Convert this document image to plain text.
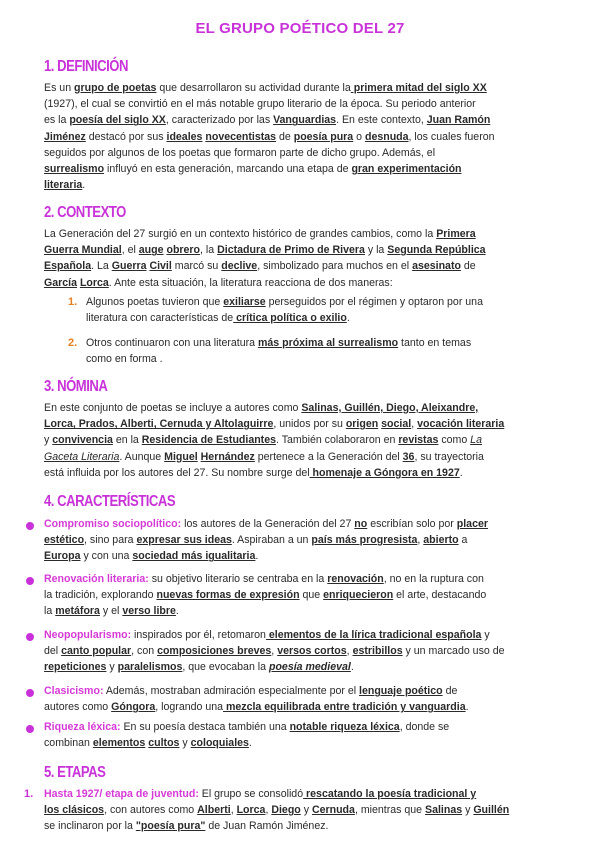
EL GRUPO POÉTICO DEL 27
1. DEFINICIÓN
Es un grupo de poetas que desarrollaron su actividad durante la primera mitad del siglo XX
(1927), el cual se convirtió en el más notable grupo literario de la época. Su periodo anterior
es la poesía del siglo XX, caracterizado por las Vanguardias. En este contexto, Juan Ramón
Jiménez destacó por sus ideales novecentistas de poesía pura o desnuda, los cuales fueron
seguidos por algunos de los poetas que formaron parte de dicho grupo. Además, el
surrealismo influyó en esta generación, marcando una etapa de gran experimentación
literaria.
2. CONTEXTO
La Generación del 27 surgió en un contexto histórico de grandes cambios, como la Primera
Guerra Mundial, el auge obrero, la Dictadura de Primo de Rivera y la Segunda República
Española. La Guerra Civil marcó su declive, simbolizado para muchos en el asesinato de
García Lorca. Ante esta situación, la literatura reacciona de dos maneras:
1. Algunos poetas tuvieron que exiliarse perseguidos por el régimen y optaron por una
literatura con características de crítica política o exilio.
2. Otros continuaron con una literatura más próxima al surrealismo tanto en temas
como en forma .
3. NÓMINA
En este conjunto de poetas se incluye a autores como Salinas, Guillén, Diego, Aleixandre,
Lorca, Prados, Alberti, Cernuda y Altolaguirre, unidos por su origen social, vocación literaria
y convivencia en la Residencia de Estudiantes. También colaboraron en revistas como La
Gaceta Literaria. Aunque Miguel Hernández pertenece a la Generación del 36, su trayectoria
está influida por los autores del 27. Su nombre surge del homenaje a Góngora en 1927.
4. CARACTERÍSTICAS
Compromiso sociopolítico: los autores de la Generación del 27 no escribían solo por placer
estético, sino para expresar sus ideas. Aspiraban a un país más progresista, abierto a
Europa y con una sociedad más igualitaria.
Renovación literaria: su objetivo literario se centraba en la renovación, no en la ruptura con
la tradición, explorando nuevas formas de expresión que enriquecieron el arte, destacando
la metáfora y el verso libre.
Neopopularismo: inspirados por él, retomaron elementos de la lírica tradicional española y
del canto popular, con composiciones breves, versos cortos, estribillos y un marcado uso de
repeticiones y paralelismos, que evocaban la poesía medieval.
Clasicismo: Además, mostraban admiración especialmente por el lenguaje poético de
autores como Góngora, logrando una mezcla equilibrada entre tradición y vanguardia.
Riqueza léxica: En su poesía destaca también una notable riqueza léxica, donde se
combinan elementos cultos y coloquiales.
5. ETAPAS
1. Hasta 1927/ etapa de juventud: El grupo se consolidó rescatando la poesía tradicional y
los clásicos, con autores como Alberti, Lorca, Diego y Cernuda, mientras que Salinas y Guillén
se inclinaron por la "poesía pura" de Juan Ramón Jiménez.
